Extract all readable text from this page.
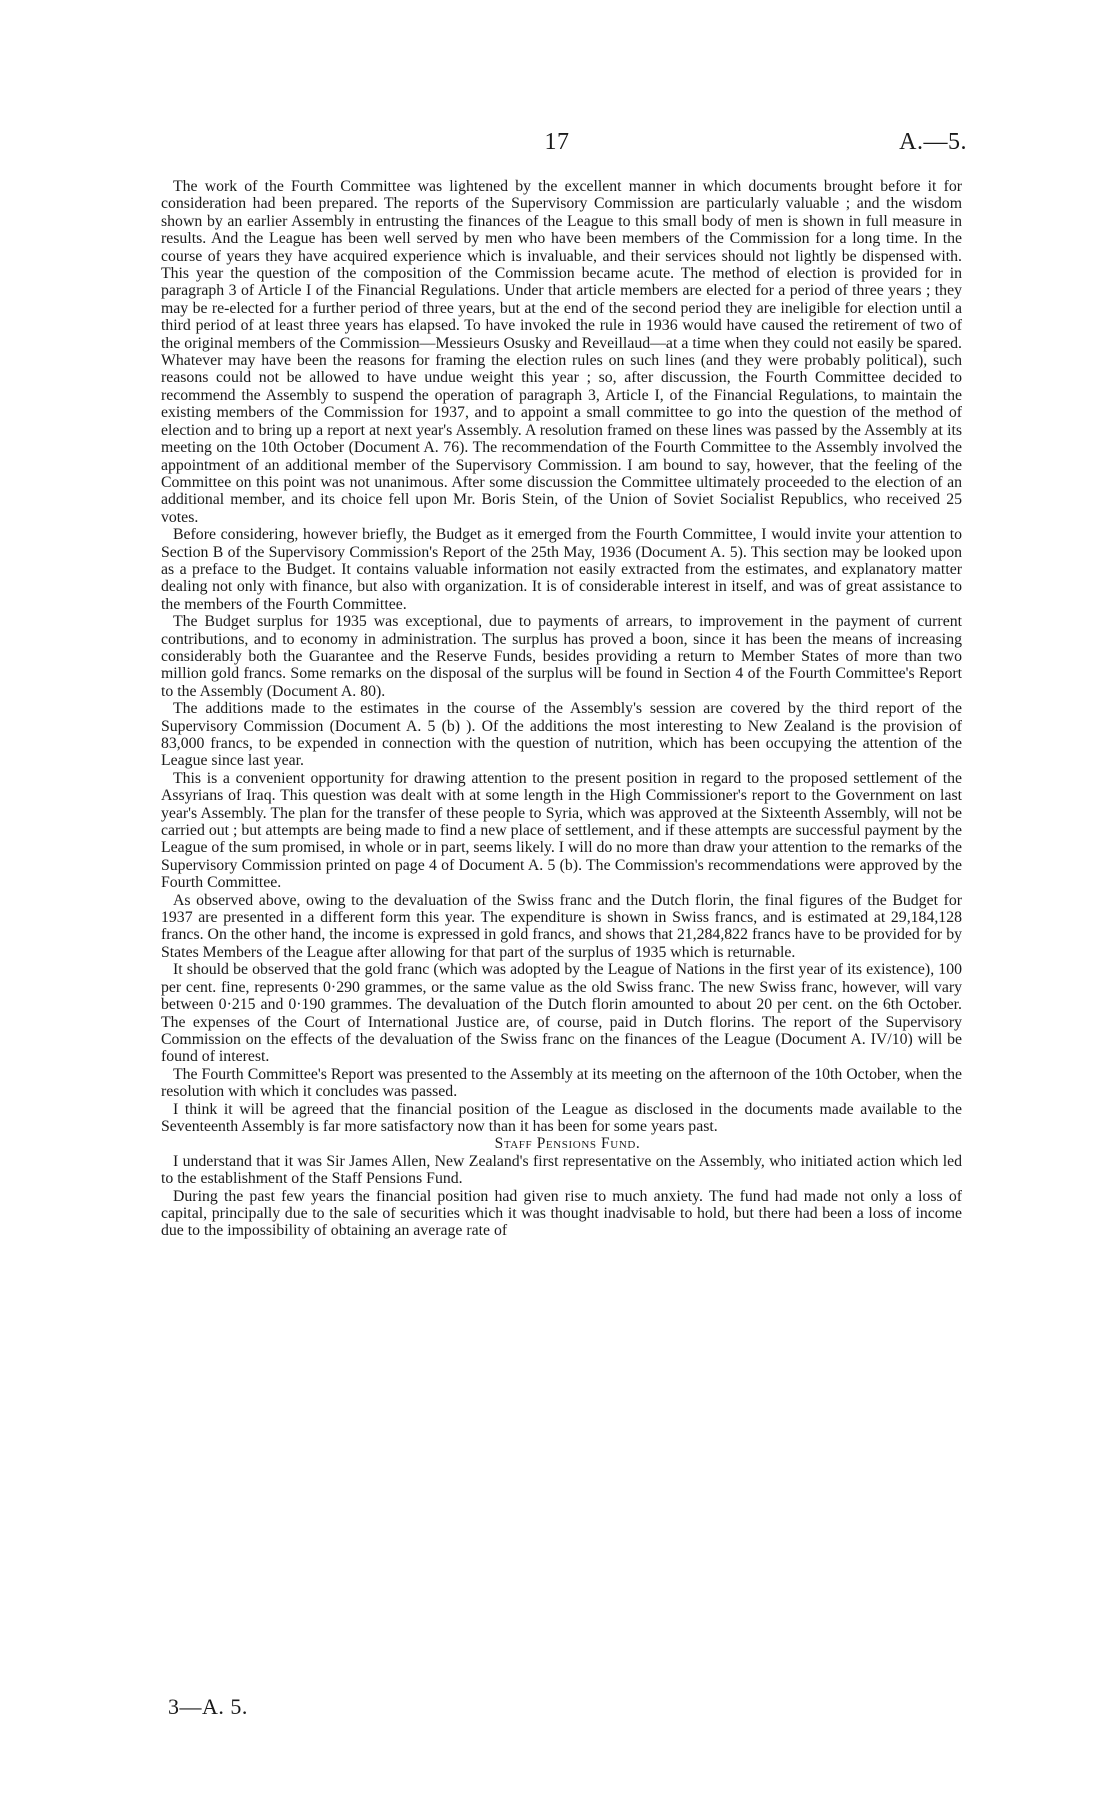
17	A.—5.

The work of the Fourth Committee was lightened by the excellent manner in which documents brought before it for consideration had been prepared. The reports of the Supervisory Commission are particularly valuable ; and the wisdom shown by an earlier Assembly in entrusting the finances of the League to this small body of men is shown in full measure in results. And the League has been well served by men who have been members of the Commission for a long time. In the course of years they have acquired experience which is invaluable, and their services should not lightly be dispensed with. This year the question of the composition of the Commission became acute. The method of election is provided for in paragraph 3 of Article I of the Financial Regulations. Under that article members are elected for a period of three years ; they may be re-elected for a further period of three years, but at the end of the second period they are ineligible for election until a third period of at least three years has elapsed. To have invoked the rule in 1936 would have caused the retirement of two of the original members of the Commission—Messieurs Osusky and Reveillaud—at a time when they could not easily be spared. Whatever may have been the reasons for framing the election rules on such lines (and they were probably political), such reasons could not be allowed to have undue weight this year ; so, after discussion, the Fourth Committee decided to recommend the Assembly to suspend the operation of paragraph 3, Article I, of the Financial Regulations, to maintain the existing members of the Commission for 1937, and to appoint a small committee to go into the question of the method of election and to bring up a report at next year's Assembly. A resolution framed on these lines was passed by the Assembly at its meeting on the 10th October (Document A. 76). The recommendation of the Fourth Committee to the Assembly involved the appointment of an additional member of the Supervisory Commission. I am bound to say, however, that the feeling of the Committee on this point was not unanimous. After some discussion the Committee ultimately proceeded to the election of an additional member, and its choice fell upon Mr. Boris Stein, of the Union of Soviet Socialist Republics, who received 25 votes.

Before considering, however briefly, the Budget as it emerged from the Fourth Committee, I would invite your attention to Section B of the Supervisory Commission's Report of the 25th May, 1936 (Document A. 5). This section may be looked upon as a preface to the Budget. It contains valuable information not easily extracted from the estimates, and explanatory matter dealing not only with finance, but also with organization. It is of considerable interest in itself, and was of great assistance to the members of the Fourth Committee.

The Budget surplus for 1935 was exceptional, due to payments of arrears, to improvement in the payment of current contributions, and to economy in administration. The surplus has proved a boon, since it has been the means of increasing considerably both the Guarantee and the Reserve Funds, besides providing a return to Member States of more than two million gold francs. Some remarks on the disposal of the surplus will be found in Section 4 of the Fourth Committee's Report to the Assembly (Document A. 80).

The additions made to the estimates in the course of the Assembly's session are covered by the third report of the Supervisory Commission (Document A. 5 (b) ). Of the additions the most interesting to New Zealand is the provision of 83,000 francs, to be expended in connection with the question of nutrition, which has been occupying the attention of the League since last year.

This is a convenient opportunity for drawing attention to the present position in regard to the proposed settlement of the Assyrians of Iraq. This question was dealt with at some length in the High Commissioner's report to the Government on last year's Assembly. The plan for the transfer of these people to Syria, which was approved at the Sixteenth Assembly, will not be carried out ; but attempts are being made to find a new place of settlement, and if these attempts are successful payment by the League of the sum promised, in whole or in part, seems likely. I will do no more than draw your attention to the remarks of the Supervisory Commission printed on page 4 of Document A. 5 (b). The Commission's recommendations were approved by the Fourth Committee.

As observed above, owing to the devaluation of the Swiss franc and the Dutch florin, the final figures of the Budget for 1937 are presented in a different form this year. The expenditure is shown in Swiss francs, and is estimated at 29,184,128 francs. On the other hand, the income is expressed in gold francs, and shows that 21,284,822 francs have to be provided for by States Members of the League after allowing for that part of the surplus of 1935 which is returnable.

It should be observed that the gold franc (which was adopted by the League of Nations in the first year of its existence), 100 per cent. fine, represents 0·290 grammes, or the same value as the old Swiss franc. The new Swiss franc, however, will vary between 0·215 and 0·190 grammes. The devaluation of the Dutch florin amounted to about 20 per cent. on the 6th October. The expenses of the Court of International Justice are, of course, paid in Dutch florins. The report of the Supervisory Commission on the effects of the devaluation of the Swiss franc on the finances of the League (Document A. IV/10) will be found of interest.

The Fourth Committee's Report was presented to the Assembly at its meeting on the afternoon of the 10th October, when the resolution with which it concludes was passed.

I think it will be agreed that the financial position of the League as disclosed in the documents made available to the Seventeenth Assembly is far more satisfactory now than it has been for some years past.

Staff Pensions Fund.

I understand that it was Sir James Allen, New Zealand's first representative on the Assembly, who initiated action which led to the establishment of the Staff Pensions Fund.

During the past few years the financial position had given rise to much anxiety. The fund had made not only a loss of capital, principally due to the sale of securities which it was thought inadvisable to hold, but there had been a loss of income due to the impossibility of obtaining an average rate of

3—A. 5.
